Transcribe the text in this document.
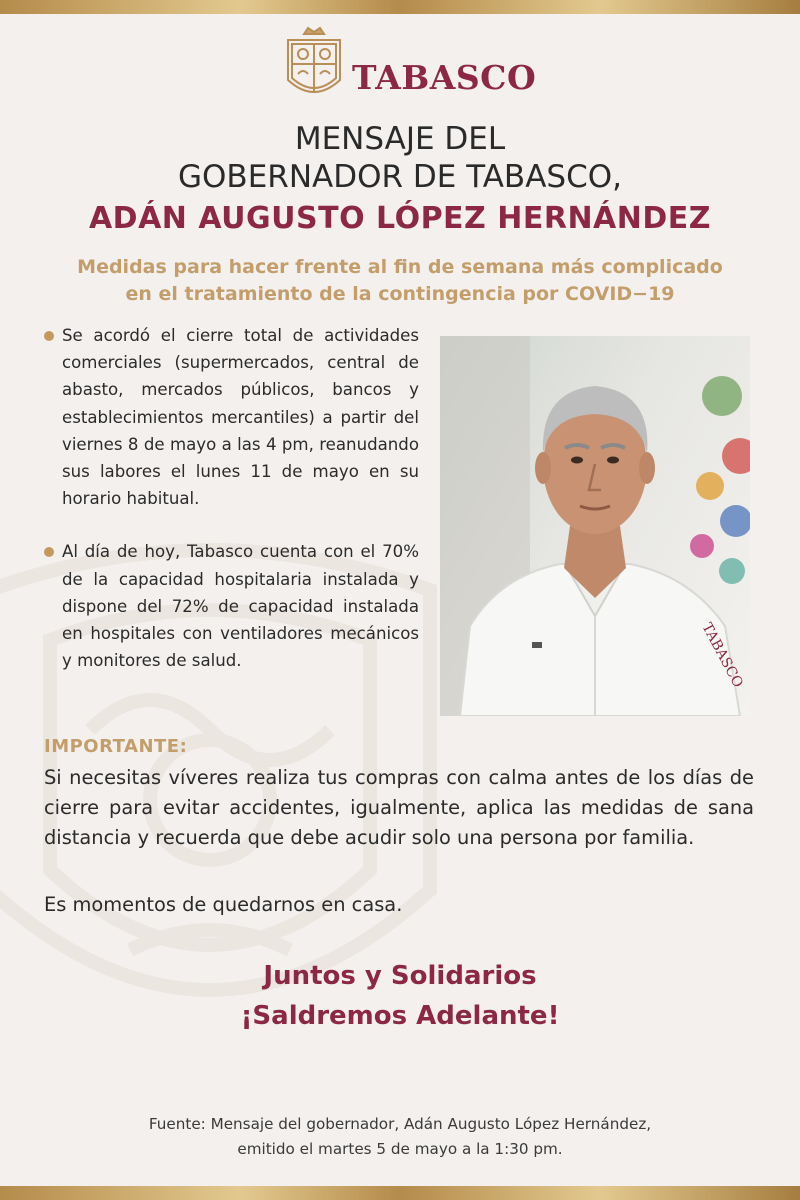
TABASCO
MENSAJE DEL
GOBERNADOR DE TABASCO,
ADÁN AUGUSTO LÓPEZ HERNÁNDEZ
Medidas para hacer frente al fin de semana más complicado
en el tratamiento de la contingencia por COVID−19
Se acordó el cierre total de actividades comerciales (supermercados, central de abasto, mercados públicos, bancos y establecimientos mercantiles) a partir del viernes 8 de mayo a las 4 pm, reanudando sus labores el lunes 11 de mayo en su horario habitual.
Al día de hoy, Tabasco cuenta con el 70% de la capacidad hospitalaria instalada y dispone del 72% de capacidad instalada en hospitales con ventiladores mecánicos y monitores de salud.	TABASCO
IMPORTANTE:
Si necesitas víveres realiza tus compras con calma antes de los días de cierre para evitar accidentes, igualmente, aplica las medidas de sana distancia y recuerda que debe acudir solo una persona por familia.
Es momentos de quedarnos en casa.
Juntos y Solidarios
¡Saldremos Adelante!
Fuente: Mensaje del gobernador, Adán Augusto López Hernández,
emitido el martes 5 de mayo a la 1:30 pm.
